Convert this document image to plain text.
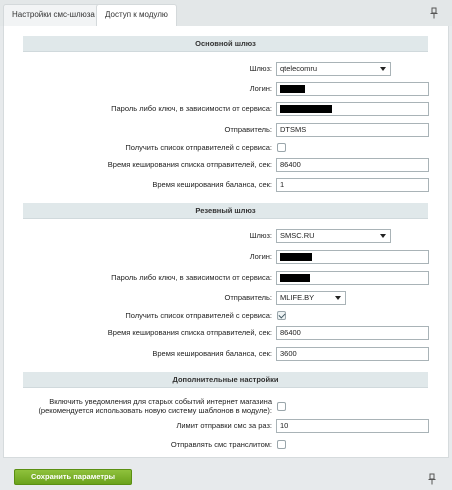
Настройки смс-шлюза	Доступ к модулю
Основной шлюз
Шлюз:	qtelecomru
Логин:
Пароль либо ключ, в зависимости от сервиса:
Отправитель:	DTSMS
Получить список отправителей с сервиса:
Время кеширования списка отправителей, сек:	86400
Время кеширования баланса, сек:	1
Резевный шлюз
Шлюз:	SMSC.RU
Логин:
Пароль либо ключ, в зависимости от сервиса:
Отправитель:	MLIFE.BY
Получить список отправителей с сервиса:
Время кеширования списка отправителей, сек:	86400
Время кеширования баланса, сек:	3600
Дополнительные настройки
Включить уведомления для старых событий интернет магазина
(рекомендуется использовать новую систему шаблонов в модуле):
Лимит отправки смс за раз:	10
Отправлять смс транслитом:
Сохранить параметры
